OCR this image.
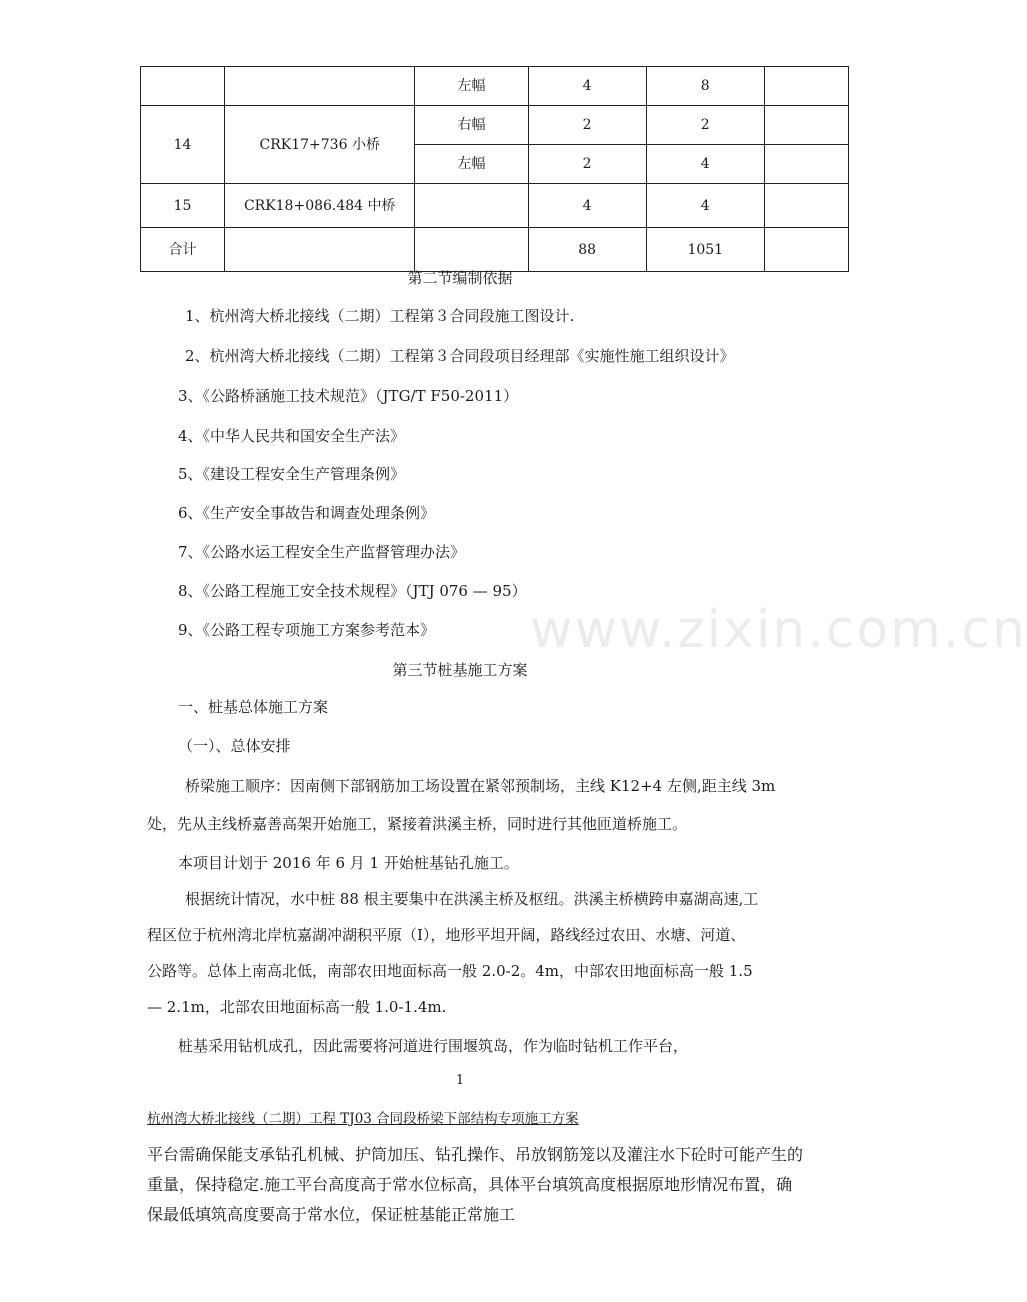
		左幅	4	8	
14	CRK17+736 小桥	右幅	2	2	
		左幅	2	4	
15	CRK18+086.484 中桥		4	4	
合计			88	1051	
第二节编制依据
1、杭州湾大桥北接线（二期）工程第３合同段施工图设计.
2、杭州湾大桥北接线（二期）工程第３合同段项目经理部《实施性施工组织设计》
3、《公路桥涵施工技术规范》（JTG/T F50-2011）
4、《中华人民共和国安全生产法》
5、《建设工程安全生产管理条例》
6、《生产安全事故告和调查处理条例》
7、《公路水运工程安全生产监督管理办法》
8、《公路工程施工安全技术规程》（JTJ 076 — 95）
9、《公路工程专项施工方案参考范本》 www.zixin.com.cn
第三节桩基施工方案
一、桩基总体施工方案
（一）、总体安排
桥梁施工顺序：因南侧下部钢筋加工场设置在紧邻预制场，主线 K12+4 左侧,距主线 3m
处，先从主线桥嘉善高架开始施工，紧接着洪溪主桥，同时进行其他匝道桥施工。
本项目计划于 2016 年 6 月 1 开始桩基钻孔施工。
根据统计情况，水中桩 88 根主要集中在洪溪主桥及枢纽。洪溪主桥横跨申嘉湖高速,工
程区位于杭州湾北岸杭嘉湖冲湖积平原（Ⅰ），地形平坦开阔，路线经过农田、水塘、河道、
公路等。总体上南高北低，南部农田地面标高一般 2.0-2。4m，中部农田地面标高一般 1.5
— 2.1m，北部农田地面标高一般 1.0-1.4m.
桩基采用钻机成孔，因此需要将河道进行围堰筑岛，作为临时钻机工作平台，
1
杭州湾大桥北接线（二期）工程 TJ03 合同段桥梁下部结构专项施工方案
平台需确保能支承钻孔机械、护筒加压、钻孔操作、吊放钢筋笼以及灌注水下砼时可能产生的
重量，保持稳定.施工平台高度高于常水位标高，具体平台填筑高度根据原地形情况布置，确
保最低填筑高度要高于常水位，保证桩基能正常施工
